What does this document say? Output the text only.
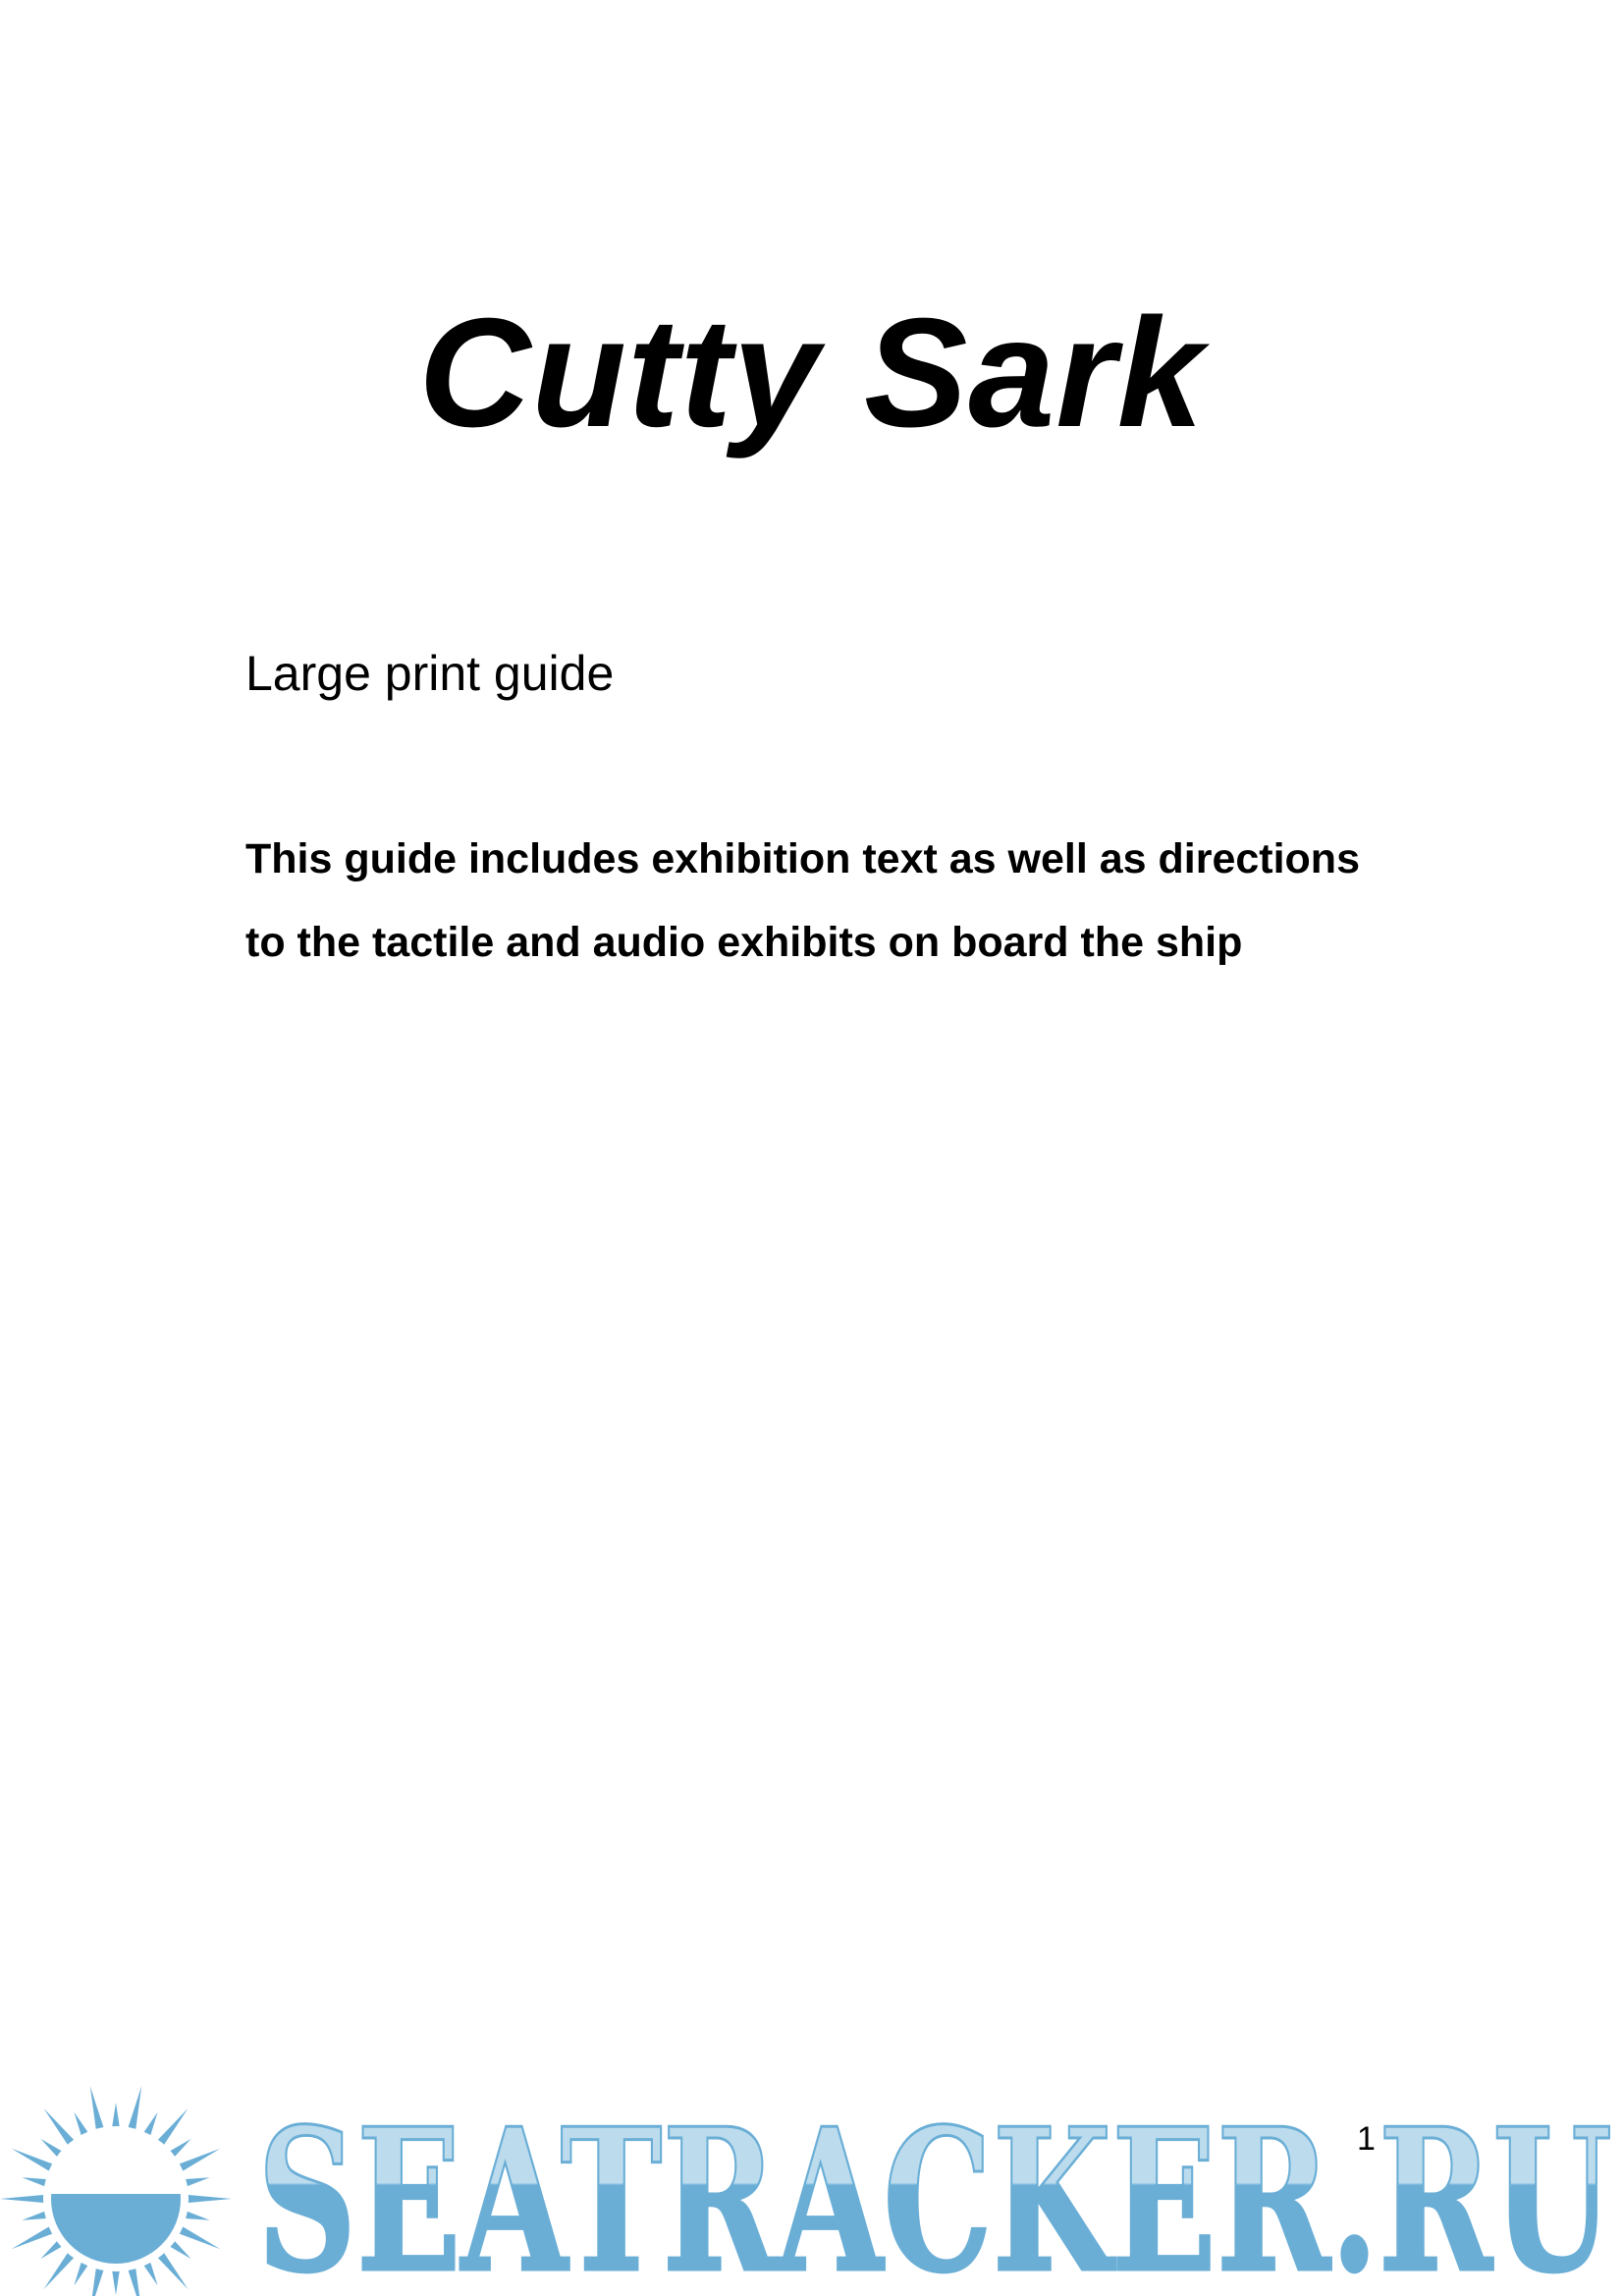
Cutty Sark

Large print guide

This guide includes exhibition text as well as directions to the tactile and audio exhibits on board the ship

SEATRACKER.RU
1
